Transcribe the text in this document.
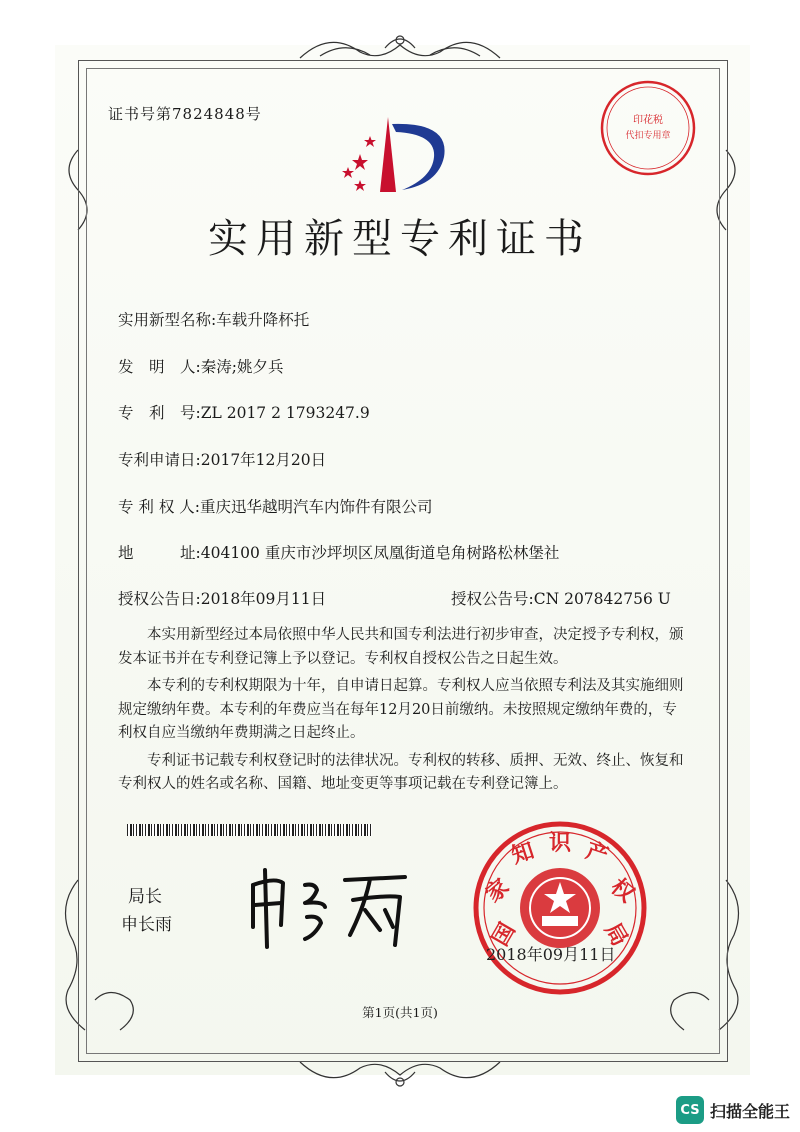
印花税
代扣专用章
证书号第7824848号
实用新型专利证书
实用新型名称:车载升降杯托
发　明　人:秦涛;姚夕兵
专　利　号:ZL 2017 2 1793247.9
专利申请日:2017年12月20日
专 利 权 人:重庆迅华越明汽车内饰件有限公司
地　　　址:404100 重庆市沙坪坝区凤凰街道皂角树路松林堡社
授权公告日:2018年09月11日	授权公告号:CN 207842756 U

本实用新型经过本局依照中华人民共和国专利法进行初步审查，决定授予专利权，颁发本证书并在专利登记簿上予以登记。专利权自授权公告之日起生效。

本专利的专利权期限为十年，自申请日起算。专利权人应当依照专利法及其实施细则规定缴纳年费。本专利的年费应当在每年12月20日前缴纳。未按照规定缴纳年费的，专利权自应当缴纳年费期满之日起终止。

专利证书记载专利权登记时的法律状况。专利权的转移、质押、无效、终止、恢复和专利权人的姓名或名称、国籍、地址变更等事项记载在专利登记簿上。

局长
申长雨	国
家
知 识 产
权
局
2018年09月11日
第1页(共1页)
CS 扫描全能王
